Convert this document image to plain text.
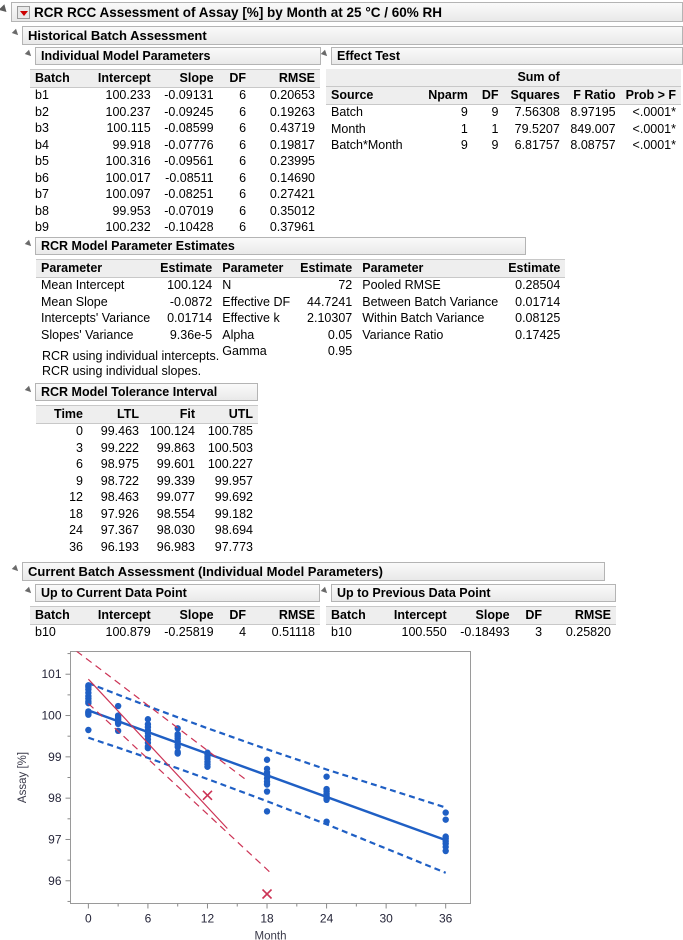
RCR RCC Assessment of Assay [%] by Month at 25 °C / 60% RH
Historical Batch Assessment
Individual Model Parameters
Batch	Intercept	Slope	DF	RMSE
b1	100.233	-0.09131	6	0.20653
b2	100.237	-0.09245	6	0.19263
b3	100.115	-0.08599	6	0.43719
b4	99.918	-0.07776	6	0.19817
b5	100.316	-0.09561	6	0.23995
b6	100.017	-0.08511	6	0.14690
b7	100.097	-0.08251	6	0.27421
b8	99.953	-0.07019	6	0.35012
b9	100.232	-0.10428	6	0.37961
Effect Test
			Sum of		
Source	Nparm	DF	Squares	F Ratio	Prob > F
Batch	9	9	7.56308	8.97195	<.0001*
Month	1	1	79.5207	849.007	<.0001*
Batch*Month	9	9	6.81757	8.08757	<.0001*
RCR Model Parameter Estimates
Parameter	Estimate	Parameter	Estimate	Parameter	Estimate
Mean Intercept	100.124	N	72	Pooled RMSE	0.28504
Mean Slope	-0.0872	Effective DF	44.7241	Between Batch Variance	0.01714
Intercepts' Variance	0.01714	Effective k	2.10307	Within Batch Variance	0.08125
Slopes' Variance	9.36e-5	Alpha	0.05	Variance Ratio	0.17425
		Gamma	0.95		
RCR using individual intercepts.
RCR using individual slopes.
RCR Model Tolerance Interval
Time	LTL	Fit	UTL
0	99.463	100.124	100.785
3	99.222	99.863	100.503
6	98.975	99.601	100.227
9	98.722	99.339	99.957
12	98.463	99.077	99.692
18	97.926	98.554	99.182
24	97.367	98.030	98.694
36	96.193	96.983	97.773
Current Batch Assessment (Individual Model Parameters)
Up to Current Data Point
Batch	Intercept	Slope	DF	RMSE
b10	100.879	-0.25819	4	0.51118
Up to Previous Data Point
Batch	Intercept	Slope	DF	RMSE
b10	100.550	-0.18493	3	0.25820
0	6	12	18	24	30	36
96
97
98
99
100
101
Assay [%]
Month
